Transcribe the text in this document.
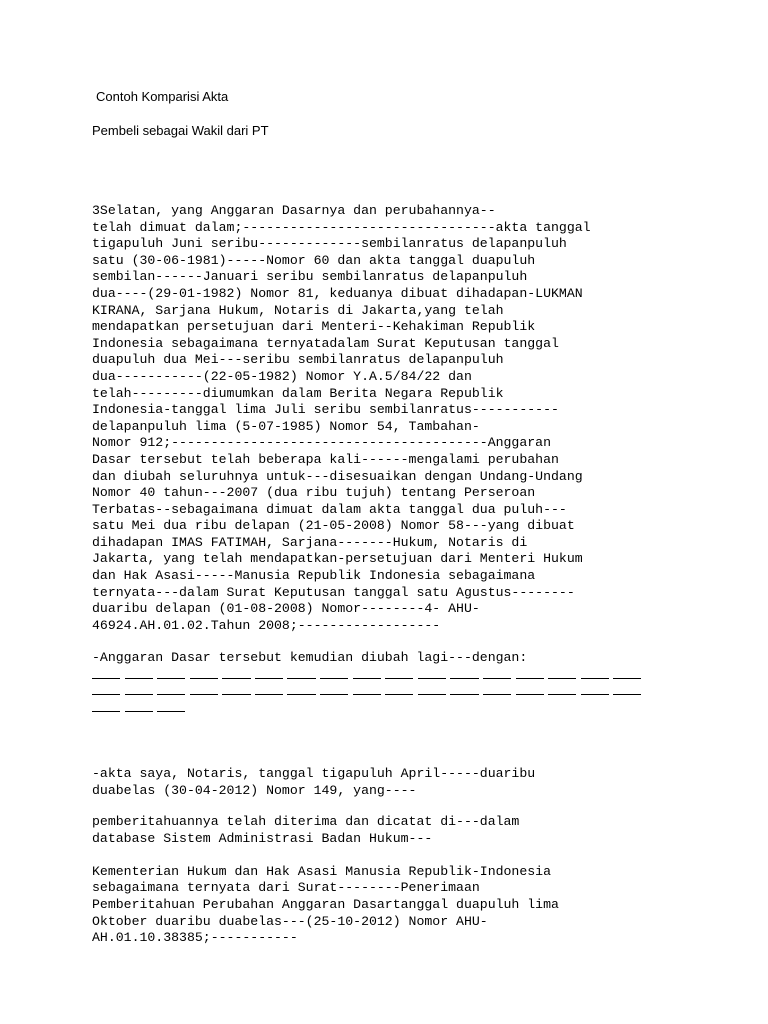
Contoh Komparisi Akta

Pembeli sebagai Wakil dari PT

3Selatan, yang Anggaran Dasarnya dan perubahannya--
telah dimuat dalam;--------------------------------akta tanggal
tigapuluh Juni seribu-------------sembilanratus delapanpuluh
satu (30-06-1981)-----Nomor 60 dan akta tanggal duapuluh
sembilan------Januari seribu sembilanratus delapanpuluh
dua----(29-01-1982) Nomor 81, keduanya dibuat dihadapan-LUKMAN
KIRANA, Sarjana Hukum, Notaris di Jakarta,yang telah
mendapatkan persetujuan dari Menteri--Kehakiman Republik
Indonesia sebagaimana ternyatadalam Surat Keputusan tanggal
duapuluh dua Mei---seribu sembilanratus delapanpuluh
dua-----------(22-05-1982) Nomor Y.A.5/84/22 dan
telah---------diumumkan dalam Berita Negara Republik
Indonesia-tanggal lima Juli seribu sembilanratus-----------
delapanpuluh lima (5-07-1985) Nomor 54, Tambahan-
Nomor 912;----------------------------------------Anggaran
Dasar tersebut telah beberapa kali------mengalami perubahan
dan diubah seluruhnya untuk---disesuaikan dengan Undang-Undang
Nomor 40 tahun---2007 (dua ribu tujuh) tentang Perseroan
Terbatas--sebagaimana dimuat dalam akta tanggal dua puluh---
satu Mei dua ribu delapan (21-05-2008) Nomor 58---yang dibuat
dihadapan IMAS FATIMAH, Sarjana-------Hukum, Notaris di
Jakarta, yang telah mendapatkan-persetujuan dari Menteri Hukum
dan Hak Asasi-----Manusia Republik Indonesia sebagaimana
ternyata---dalam Surat Keputusan tanggal satu Agustus--------
duaribu delapan (01-08-2008) Nomor--------4- AHU-
46924.AH.01.02.Tahun 2008;------------------
-Anggaran Dasar tersebut kemudian diubah lagi---dengan:
-akta saya, Notaris, tanggal tigapuluh April-----duaribu
duabelas (30-04-2012) Nomor 149, yang----
pemberitahuannya telah diterima dan dicatat di---dalam
database Sistem Administrasi Badan Hukum---

Kementerian Hukum dan Hak Asasi Manusia Republik-Indonesia
sebagaimana ternyata dari Surat--------Penerimaan
Pemberitahuan Perubahan Anggaran Dasartanggal duapuluh lima
Oktober duaribu duabelas---(25-10-2012) Nomor AHU-
AH.01.10.38385;-----------
